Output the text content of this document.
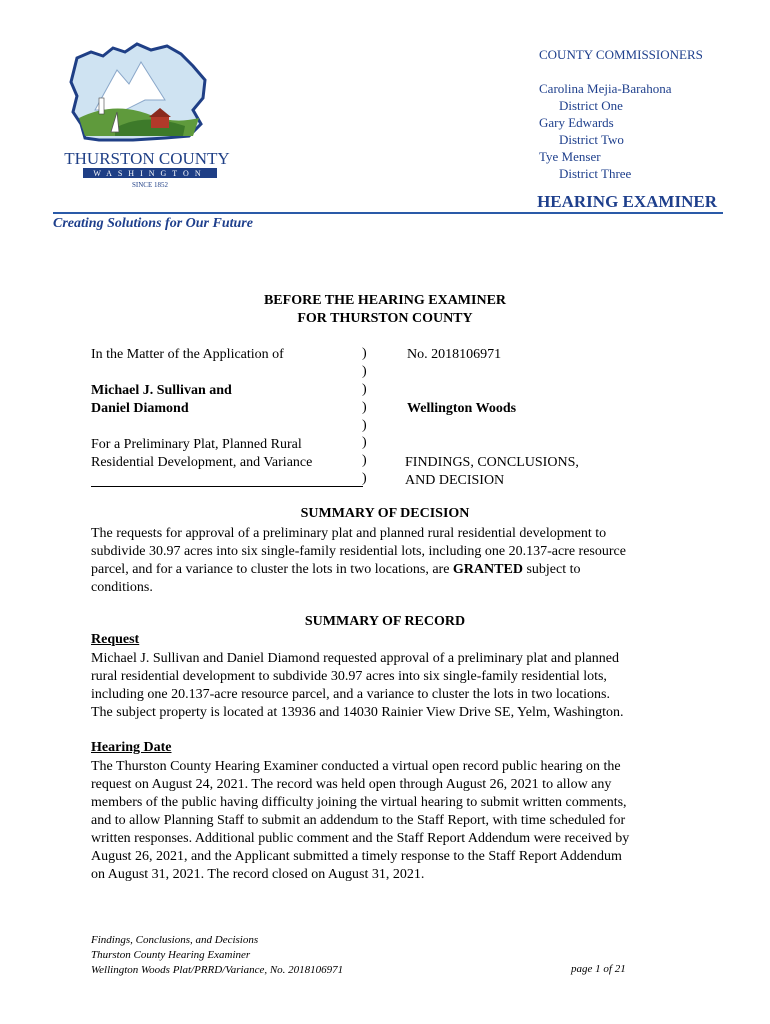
THURSTON COUNTY
WASHINGTON
SINCE 1852
COUNTY COMMISSIONERS
Carolina Mejia-Barahona
District One
Gary Edwards
District Two
Tye Menser
District Three
HEARING EXAMINER
Creating Solutions for Our Future
BEFORE THE HEARING EXAMINER
FOR THURSTON COUNTY
In the Matter of the Application of
Michael J. Sullivan and
Daniel Diamond
For a Preliminary Plat, Planned Rural
Residential Development, and Variance
)
)
)
)
)
)
)
)
No. 2018106971
Wellington Woods
FINDINGS, CONCLUSIONS,
AND DECISION
SUMMARY OF DECISION
The requests for approval of a preliminary plat and planned rural residential development to
subdivide 30.97 acres into six single-family residential lots, including one 20.137-acre resource
parcel, and for a variance to cluster the lots in two locations, are GRANTED subject to
conditions.
SUMMARY OF RECORD
Request
Michael J. Sullivan and Daniel Diamond requested approval of a preliminary plat and planned
rural residential development to subdivide 30.97 acres into six single-family residential lots,
including one 20.137-acre resource parcel, and a variance to cluster the lots in two locations.
The subject property is located at 13936 and 14030 Rainier View Drive SE, Yelm, Washington.
Hearing Date
The Thurston County Hearing Examiner conducted a virtual open record public hearing on the
request on August 24, 2021. The record was held open through August 26, 2021 to allow any
members of the public having difficulty joining the virtual hearing to submit written comments,
and to allow Planning Staff to submit an addendum to the Staff Report, with time scheduled for
written responses. Additional public comment and the Staff Report Addendum were received by
August 26, 2021, and the Applicant submitted a timely response to the Staff Report Addendum
on August 31, 2021. The record closed on August 31, 2021.
Findings, Conclusions, and Decisions
Thurston County Hearing Examiner
Wellington Woods Plat/PRRD/Variance, No. 2018106971	page 1 of 21
